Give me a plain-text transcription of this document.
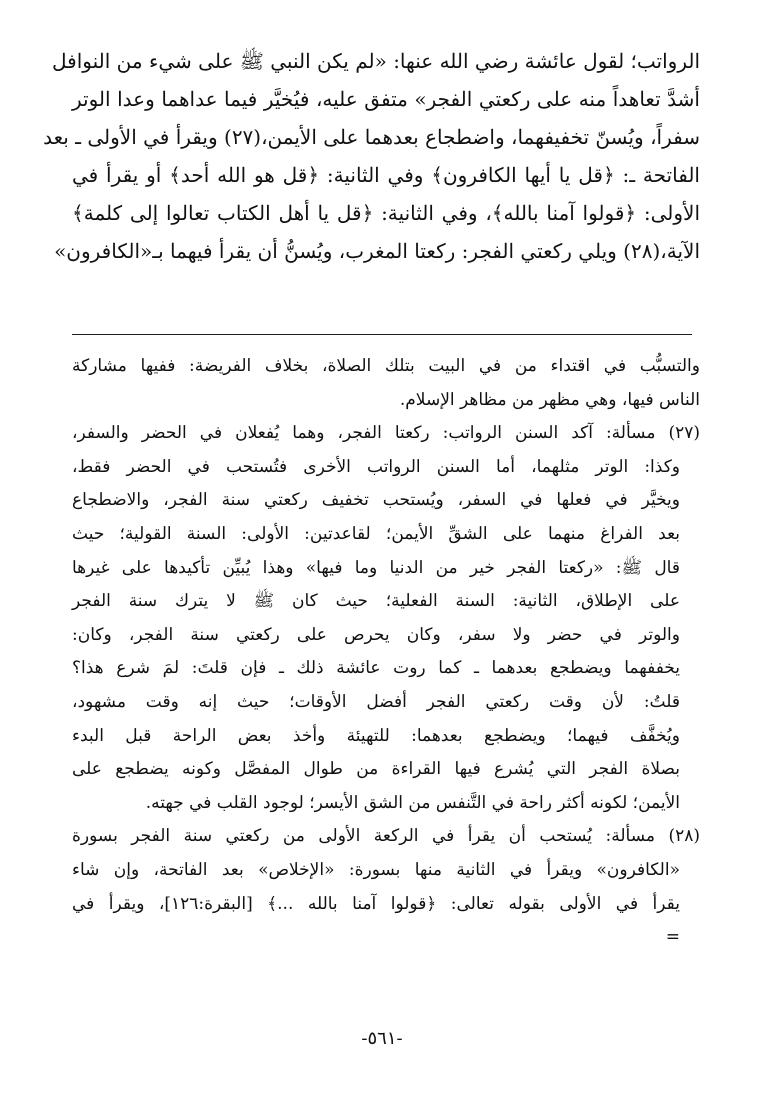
الرواتب؛ لقول عائشة رضي الله عنها: «لم يكن النبي ﷺ على شيء من النوافل
أشدَّ تعاهداً منه على ركعتي الفجر» متفق عليه، فيُخيَّر فيما عداهما وعدا الوتر
سفراً، ويُسنّ تخفيفهما، واضطجاع بعدهما على الأيمن،(٢٧) ويقرأ في الأولى ـ بعد
الفاتحة ـ: ﴿قل يا أيها الكافرون﴾ وفي الثانية: ﴿قل هو الله أحد﴾ أو يقرأ في
الأولى: ﴿قولوا آمنا بالله﴾، وفي الثانية: ﴿قل يا أهل الكتاب تعالوا إلى كلمة﴾
الآية،(٢٨) ويلي ركعتي الفجر: ركعتا المغرب، ويُسنُّ أن يقرأ فيهما بـ«الكافرون»
والتسبُّب في اقتداء من في البيت بتلك الصلاة، بخلاف الفريضة: ففيها مشاركة
الناس فيها، وهي مظهر من مظاهر الإسلام.
(٢٧) مسألة: آكد السنن الرواتب: ركعتا الفجر، وهما يُفعلان في الحضر والسفر،
وكذا: الوتر مثلهما، أما السنن الرواتب الأخرى فتُستحب في الحضر فقط،
ويخيَّر في فعلها في السفر، ويُستحب تخفيف ركعتي سنة الفجر، والاضطجاع
بعد الفراغ منهما على الشقِّ الأيمن؛ لقاعدتين: الأولى: السنة القولية؛ حيث
قال ﷺ: «ركعتا الفجر خير من الدنيا وما فيها» وهذا يُبيِّن تأكيدها على غيرها
على الإطلاق، الثانية: السنة الفعلية؛ حيث كان ﷺ لا يترك سنة الفجر
والوتر في حضر ولا سفر، وكان يحرص على ركعتي سنة الفجر، وكان:
يخففهما ويضطجع بعدهما ـ كما روت عائشة ذلك ـ فإن قلتَ: لمَ شرع هذا؟
قلتُ: لأن وقت ركعتي الفجر أفضل الأوقات؛ حيث إنه وقت مشهود،
ويُخفَّف فيهما؛ ويضطجع بعدهما: للتهيئة وأخذ بعض الراحة قبل البدء
بصلاة الفجر التي يُشرع فيها القراءة من طوال المفصَّل وكونه يضطجع على
الأيمن؛ لكونه أكثر راحة في التَّنفس من الشق الأيسر؛ لوجود القلب في جهته.
(٢٨) مسألة: يُستحب أن يقرأ في الركعة الأولى من ركعتي سنة الفجر بسورة
«الكافرون» ويقرأ في الثانية منها بسورة: «الإخلاص» بعد الفاتحة، وإن شاء
يقرأ في الأولى بقوله تعالى: ﴿قولوا آمنا بالله ...﴾ [البقرة:١٢٦]، ويقرأ في
=
-٥٦١-
